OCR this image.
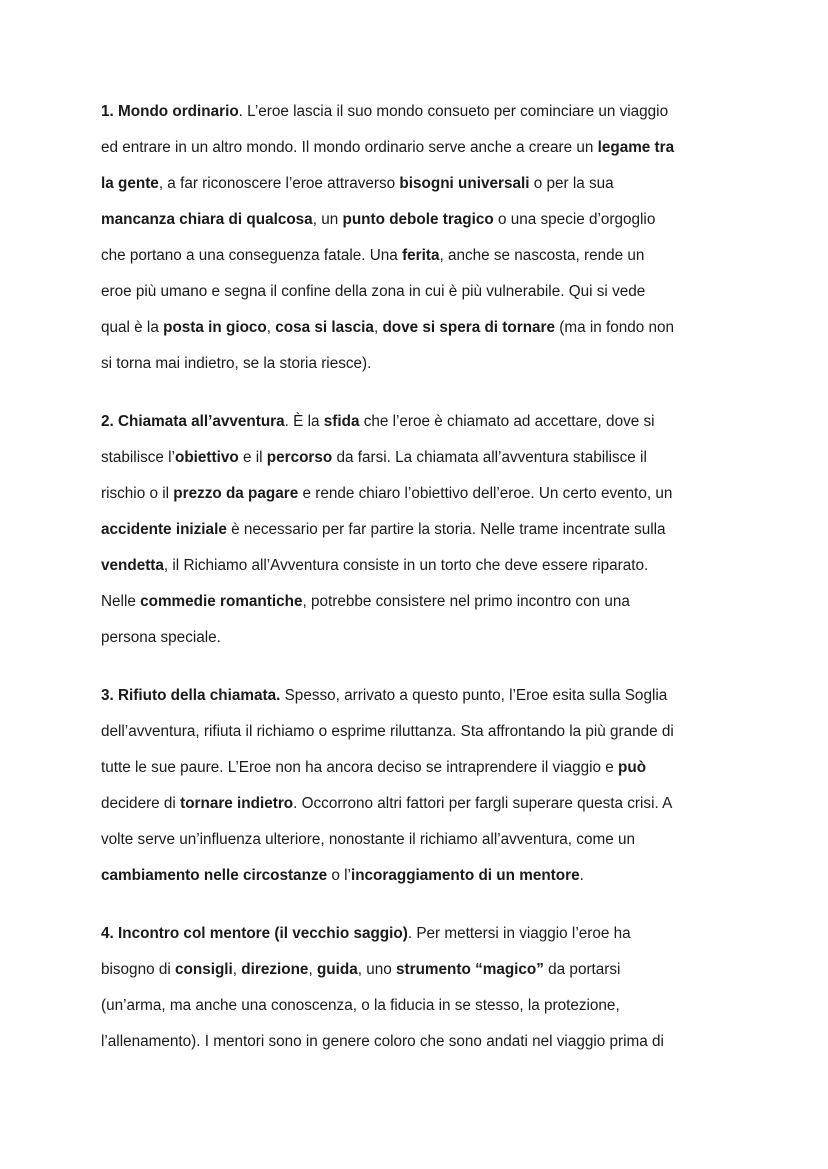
1. Mondo ordinario. L’eroe lascia il suo mondo consueto per cominciare un viaggio
ed entrare in un altro mondo. Il mondo ordinario serve anche a creare un legame tra
la gente, a far riconoscere l’eroe attraverso bisogni universali o per la sua
mancanza chiara di qualcosa, un punto debole tragico o una specie d’orgoglio
che portano a una conseguenza fatale. Una ferita, anche se nascosta, rende un
eroe più umano e segna il confine della zona in cui è più vulnerabile. Qui si vede
qual è la posta in gioco, cosa si lascia, dove si spera di tornare (ma in fondo non
si torna mai indietro, se la storia riesce).

2. Chiamata all’avventura. È la sfida che l’eroe è chiamato ad accettare, dove si
stabilisce l’obiettivo e il percorso da farsi. La chiamata all’avventura stabilisce il
rischio o il prezzo da pagare e rende chiaro l’obiettivo dell’eroe. Un certo evento, un
accidente iniziale è necessario per far partire la storia. Nelle trame incentrate sulla
vendetta, il Richiamo all’Avventura consiste in un torto che deve essere riparato.
Nelle commedie romantiche, potrebbe consistere nel primo incontro con una
persona speciale.

3. Rifiuto della chiamata. Spesso, arrivato a questo punto, l’Eroe esita sulla Soglia
dell’avventura, rifiuta il richiamo o esprime riluttanza. Sta affrontando la più grande di
tutte le sue paure. L’Eroe non ha ancora deciso se intraprendere il viaggio e può
decidere di tornare indietro. Occorrono altri fattori per fargli superare questa crisi. A
volte serve un’influenza ulteriore, nonostante il richiamo all’avventura, come un
cambiamento nelle circostanze o l’incoraggiamento di un mentore.

4. Incontro col mentore (il vecchio saggio). Per mettersi in viaggio l’eroe ha
bisogno di consigli, direzione, guida, uno strumento “magico” da portarsi
(un’arma, ma anche una conoscenza, o la fiducia in se stesso, la protezione,
l’allenamento). I mentori sono in genere coloro che sono andati nel viaggio prima di
